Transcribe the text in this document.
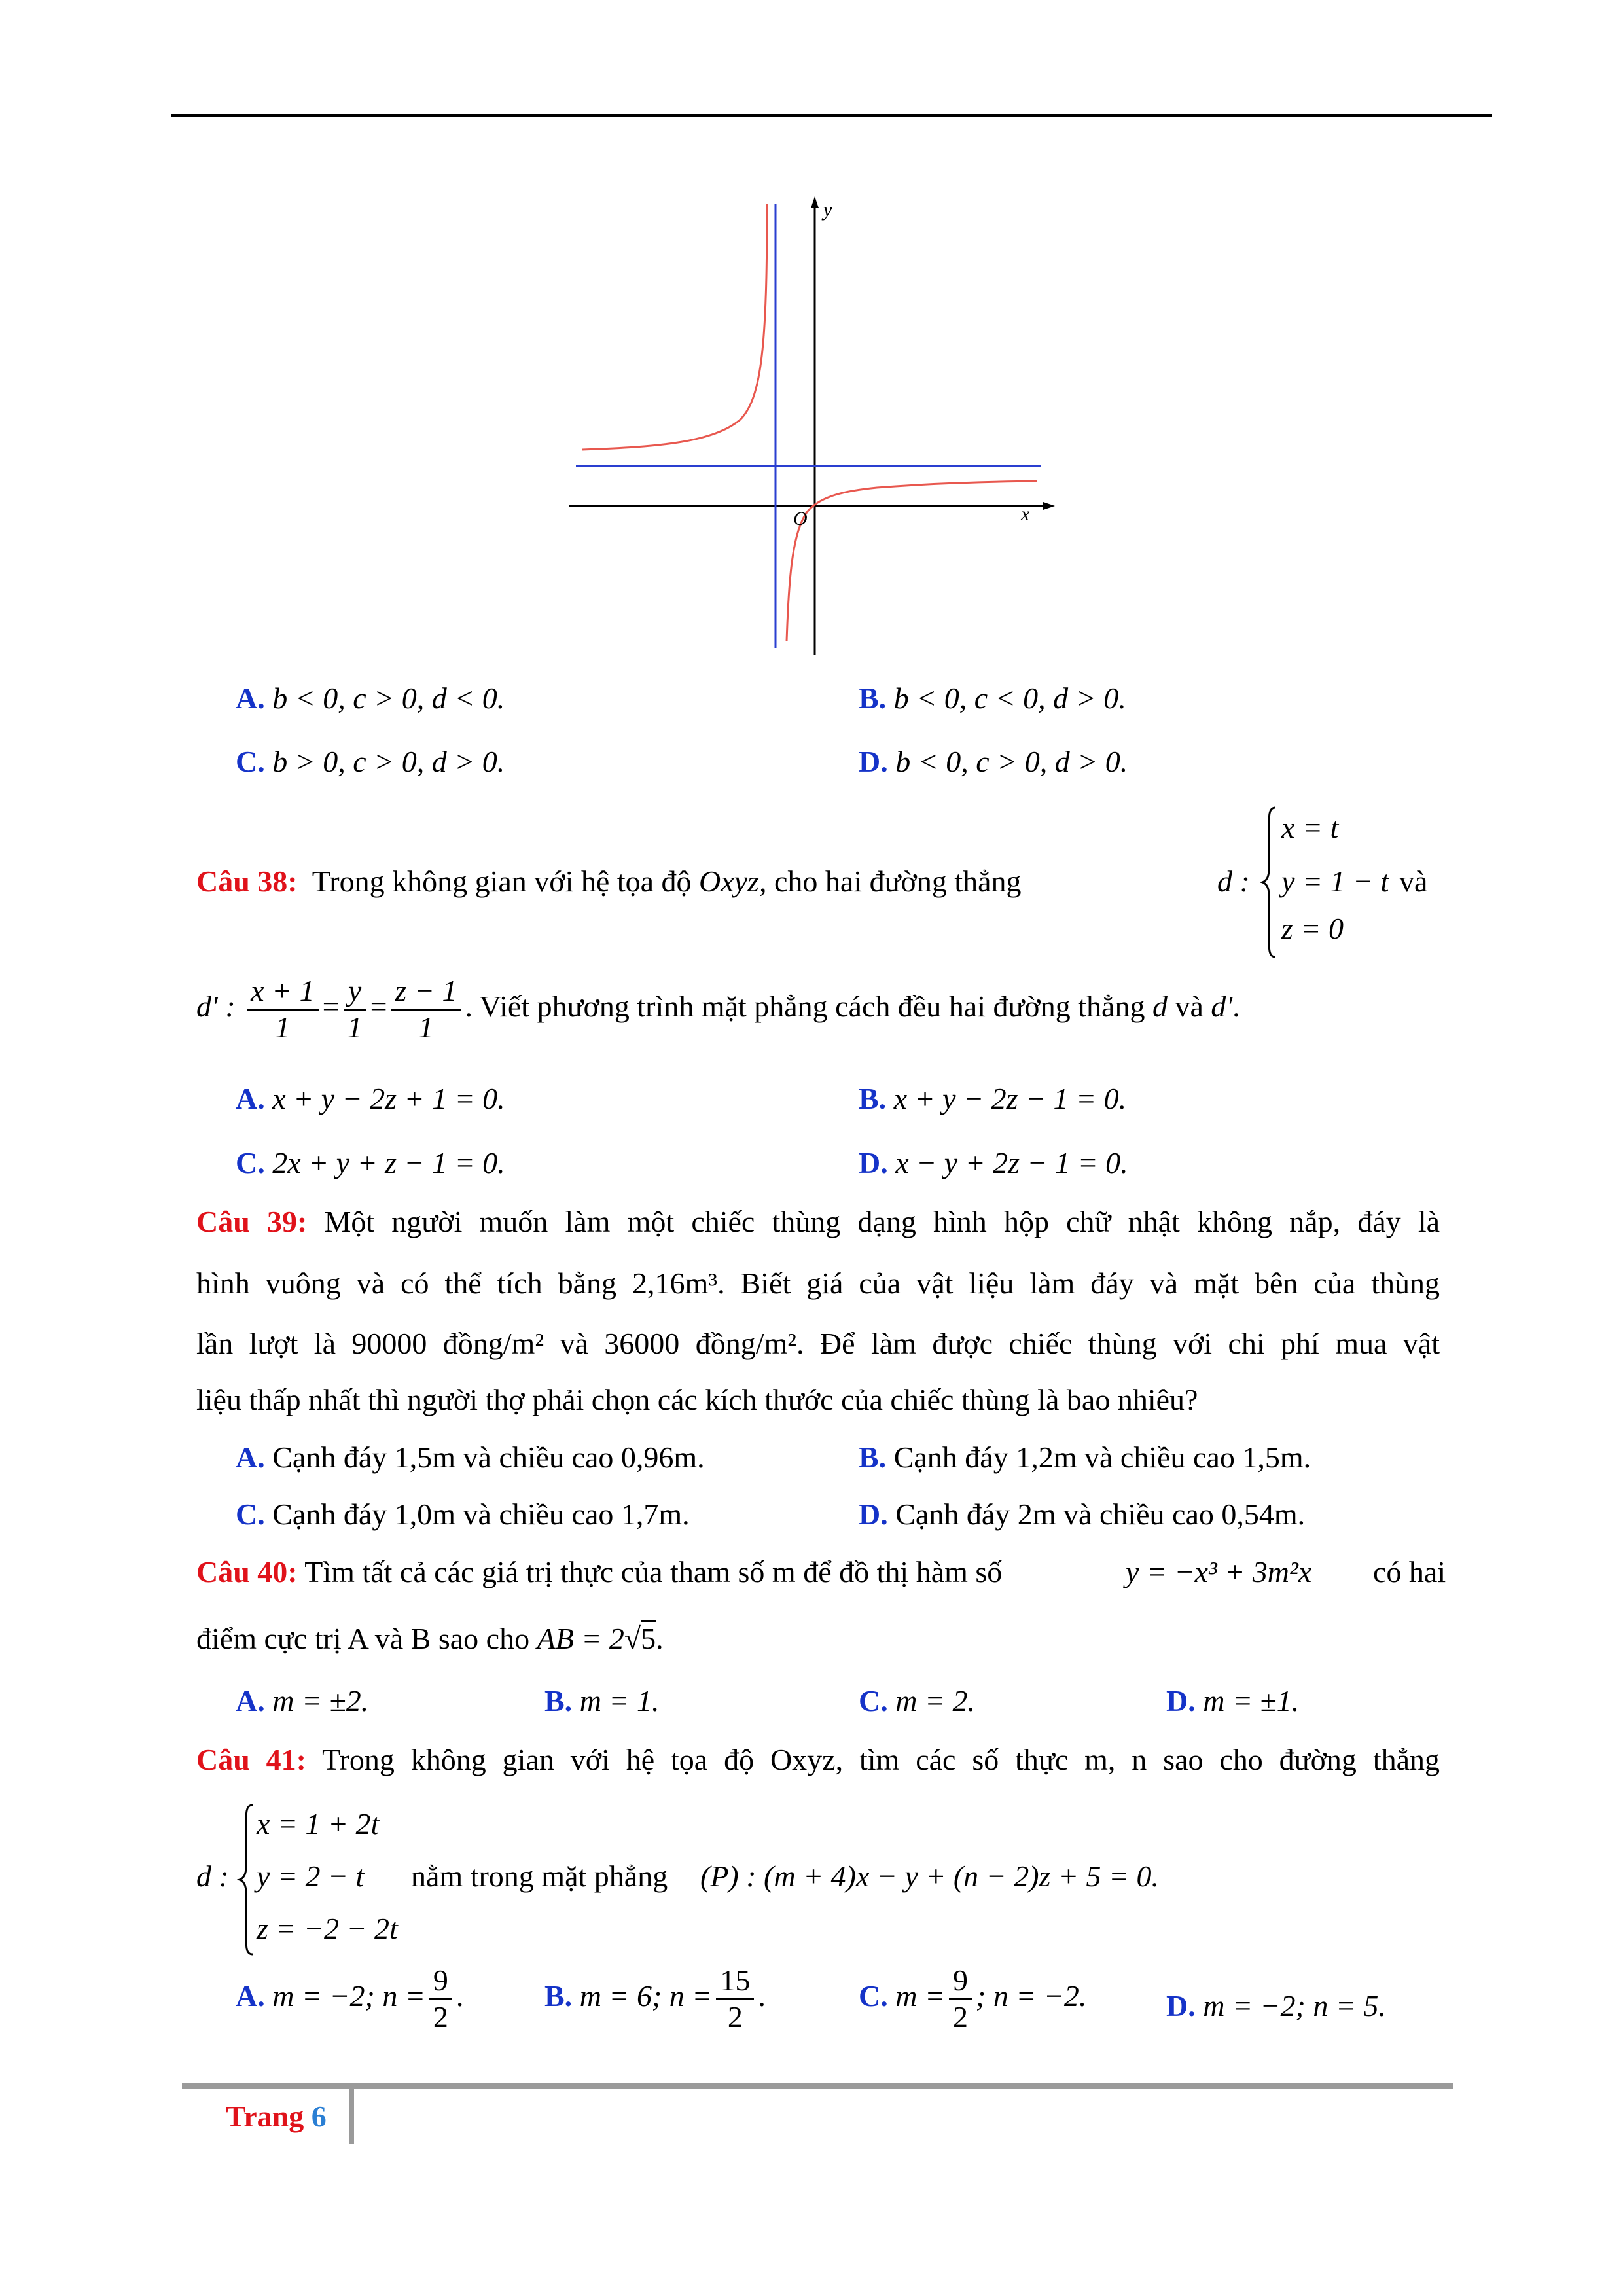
y
x
O
A. b < 0, c > 0, d < 0.	B. b < 0, c < 0, d > 0.
C. b > 0, c > 0, d > 0.	D. b < 0, c > 0, d > 0.
Câu 38: Trong không gian với hệ tọa độ Oxyz, cho hai đường thẳng	d :
x = t
y = 1 − t
z = 0
và
d' : $\frac{x + 1}{1} = \frac{y}{1} = \frac{z - 1}{1}$ . Viết phương trình mặt phẳng cách đều hai đường thẳng d và d'.
A. x + y − 2z + 1 = 0.	B. x + y − 2z − 1 = 0.
C. 2x + y + z − 1 = 0.	D. x − y + 2z − 1 = 0.
Câu 39: Một người muốn làm một chiếc thùng dạng hình hộp chữ nhật không nắp, đáy là
hình vuông và có thể tích bằng 2,16m³. Biết giá của vật liệu làm đáy và mặt bên của thùng
lần lượt là 90000 đồng/m² và 36000 đồng/m². Để làm được chiếc thùng với chi phí mua vật
liệu thấp nhất thì người thợ phải chọn các kích thước của chiếc thùng là bao nhiêu?
A. Cạnh đáy 1,5m và chiều cao 0,96m.	B. Cạnh đáy 1,2m và chiều cao 1,5m.
C. Cạnh đáy 1,0m và chiều cao 1,7m.	D. Cạnh đáy 2m và chiều cao 0,54m.
Câu 40: Tìm tất cả các giá trị thực của tham số m để đồ thị hàm số	y = −x³ + 3m²x có hai
điểm cực trị A và B sao cho AB = 2√5.
A. m = ±2.	B. m = 1.	C. m = 2.	D. m = ±1.
Câu 41: Trong không gian với hệ tọa độ Oxyz, tìm các số thực m, n sao cho đường thẳng
d :
x = 1 + 2t
y = 2 − t
z = −2 − 2t
nằm trong mặt phẳng (P) : (m + 4)x − y + (n − 2)z + 5 = 0.
A. m = −2; $n = \frac{9}{2}$ .	B. m = 6; $n = \frac{15}{2}$ .	C. $m = \frac{9}{2}$ ; n = −2.	D. m = −2; n = 5.
Trang 6
